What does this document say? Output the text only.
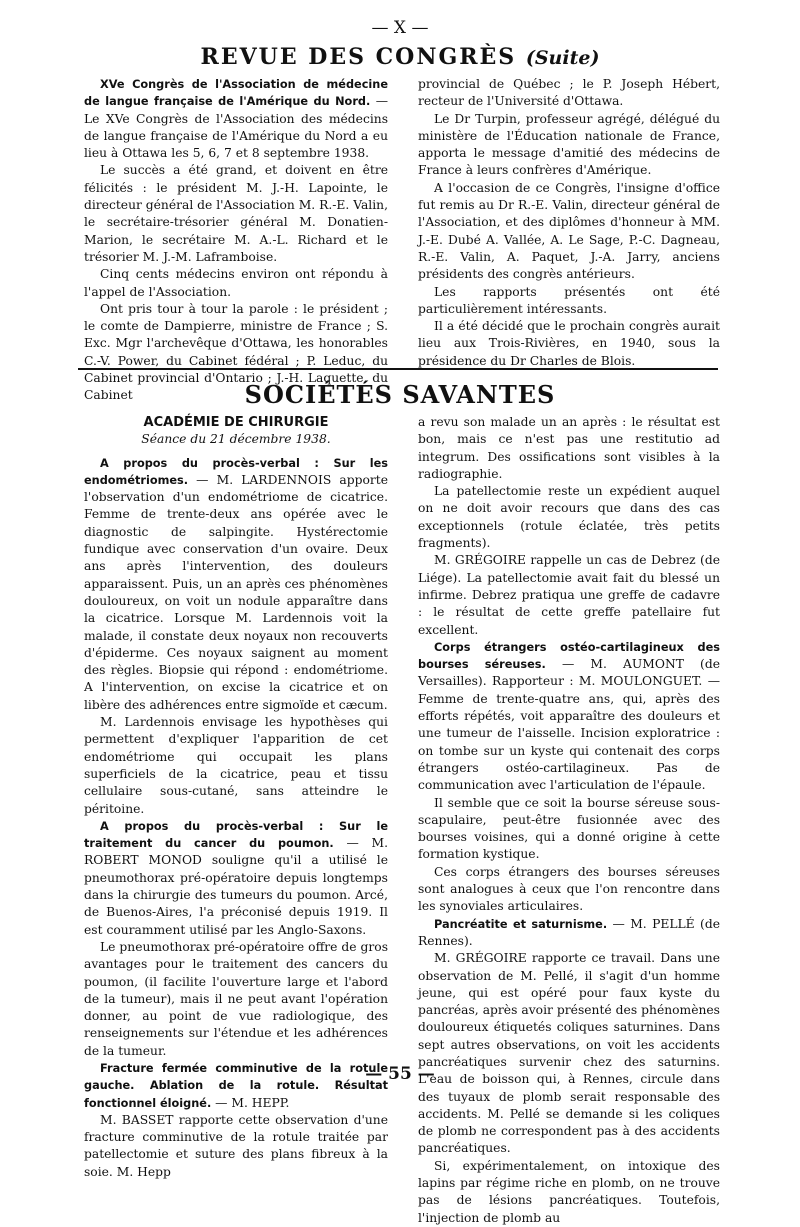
— X —
REVUE DES CONGRÈS (Suite)

XVe Congrès de l'Association de médecine de langue française de l'Amérique du Nord. — Le XVe Congrès de l'Association des médecins de langue française de l'Amérique du Nord a eu lieu à Ottawa les 5, 6, 7 et 8 septembre 1938.

Le succès a été grand, et doivent en être félicités : le président M. J.-H. Lapointe, le directeur général de l'Association M. R.-E. Valin, le secrétaire-trésorier général M. Donatien-Marion, le secrétaire M. A.-L. Richard et le trésorier M. J.-M. Laframboise.

Cinq cents médecins environ ont répondu à l'appel de l'Association.

Ont pris tour à tour la parole : le président ; le comte de Dampierre, ministre de France ; S. Exc. Mgr l'archevêque d'Ottawa, les honorables C.-V. Power, du Cabinet fédéral ; P. Leduc, du Cabinet provincial d'Ontario ; J.-H. Laquette, du Cabinet

provincial de Québec ; le P. Joseph Hébert, recteur de l'Université d'Ottawa.

Le Dr Turpin, professeur agrégé, délégué du ministère de l'Éducation nationale de France, apporta le message d'amitié des médecins de France à leurs confrères d'Amérique.

A l'occasion de ce Congrès, l'insigne d'office fut remis au Dr R.-E. Valin, directeur général de l'Association, et des diplômes d'honneur à MM. J.-E. Dubé A. Vallée, A. Le Sage, P.-C. Dagneau, R.-E. Valin, A. Paquet, J.-A. Jarry, anciens présidents des congrès antérieurs.

Les rapports présentés ont été particulièrement intéressants.

Il a été décidé que le prochain congrès aurait lieu aux Trois-Rivières, en 1940, sous la présidence du Dr Charles de Blois.

SOCIÉTÉS SAVANTES

ACADÉMIE DE CHIRURGIE

Séance du 21 décembre 1938.

A propos du procès-verbal : Sur les endométriomes. — M. LARDENNOIS apporte l'observation d'un endométriome de cicatrice. Femme de trente-deux ans opérée avec le diagnostic de salpingite. Hystérectomie fundique avec conservation d'un ovaire. Deux ans après l'intervention, des douleurs apparaissent. Puis, un an après ces phénomènes douloureux, on voit un nodule apparaître dans la cicatrice. Lorsque M. Lardennois voit la malade, il constate deux noyaux non recouverts d'épiderme. Ces noyaux saignent au moment des règles. Biopsie qui répond : endométriome. A l'intervention, on excise la cicatrice et on libère des adhérences entre sigmoïde et cæcum.

M. Lardennois envisage les hypothèses qui permettent d'expliquer l'apparition de cet endométriome qui occupait les plans superficiels de la cicatrice, peau et tissu cellulaire sous-cutané, sans atteindre le péritoine.

A propos du procès-verbal : Sur le traitement du cancer du poumon. — M. ROBERT MONOD souligne qu'il a utilisé le pneumothorax pré-opératoire depuis longtemps dans la chirurgie des tumeurs du poumon. Arcé, de Buenos-Aires, l'a préconisé depuis 1919. Il est couramment utilisé par les Anglo-Saxons.

Le pneumothorax pré-opératoire offre de gros avantages pour le traitement des cancers du poumon, (il facilite l'ouverture large et l'abord de la tumeur), mais il ne peut avant l'opération donner, au point de vue radiologique, des renseignements sur l'étendue et les adhérences de la tumeur.

Fracture fermée comminutive de la rotule gauche. Ablation de la rotule. Résultat fonctionnel éloigné. — M. HEPP.

M. BASSET rapporte cette observation d'une fracture comminutive de la rotule traitée par patellectomie et suture des plans fibreux à la soie. M. Hepp

a revu son malade un an après : le résultat est bon, mais ce n'est pas une restitutio ad integrum. Des ossifications sont visibles à la radiographie.

La patellectomie reste un expédient auquel on ne doit avoir recours que dans des cas exceptionnels (rotule éclatée, très petits fragments).

M. GRÉGOIRE rappelle un cas de Debrez (de Liége). La patellectomie avait fait du blessé un infirme. Debrez pratiqua une greffe de cadavre : le résultat de cette greffe patellaire fut excellent.

Corps étrangers ostéo-cartilagineux des bourses séreuses. — M. AUMONT (de Versailles). Rapporteur : M. MOULONGUET. — Femme de trente-quatre ans, qui, après des efforts répétés, voit apparaître des douleurs et une tumeur de l'aisselle. Incision exploratrice : on tombe sur un kyste qui contenait des corps étrangers ostéo-cartilagineux. Pas de communication avec l'articulation de l'épaule.

Il semble que ce soit la bourse séreuse sous-scapulaire, peut-être fusionnée avec des bourses voisines, qui a donné origine à cette formation kystique.

Ces corps étrangers des bourses séreuses sont analogues à ceux que l'on rencontre dans les synoviales articulaires.

Pancréatite et saturnisme. — M. PELLÉ (de Rennes).

M. GRÉGOIRE rapporte ce travail. Dans une observation de M. Pellé, il s'agit d'un homme jeune, qui est opéré pour faux kyste du pancréas, après avoir présenté des phénomènes douloureux étiquetés coliques saturnines. Dans sept autres observations, on voit les accidents pancréatiques survenir chez des saturnins. L'eau de boisson qui, à Rennes, circule dans des tuyaux de plomb serait responsable des accidents. M. Pellé se demande si les coliques de plomb ne correspondent pas à des accidents pancréatiques.

Si, expérimentalement, on intoxique des lapins par régime riche en plomb, on ne trouve pas de lésions pancréatiques. Toutefois, l'injection de plomb au

— 55 —
